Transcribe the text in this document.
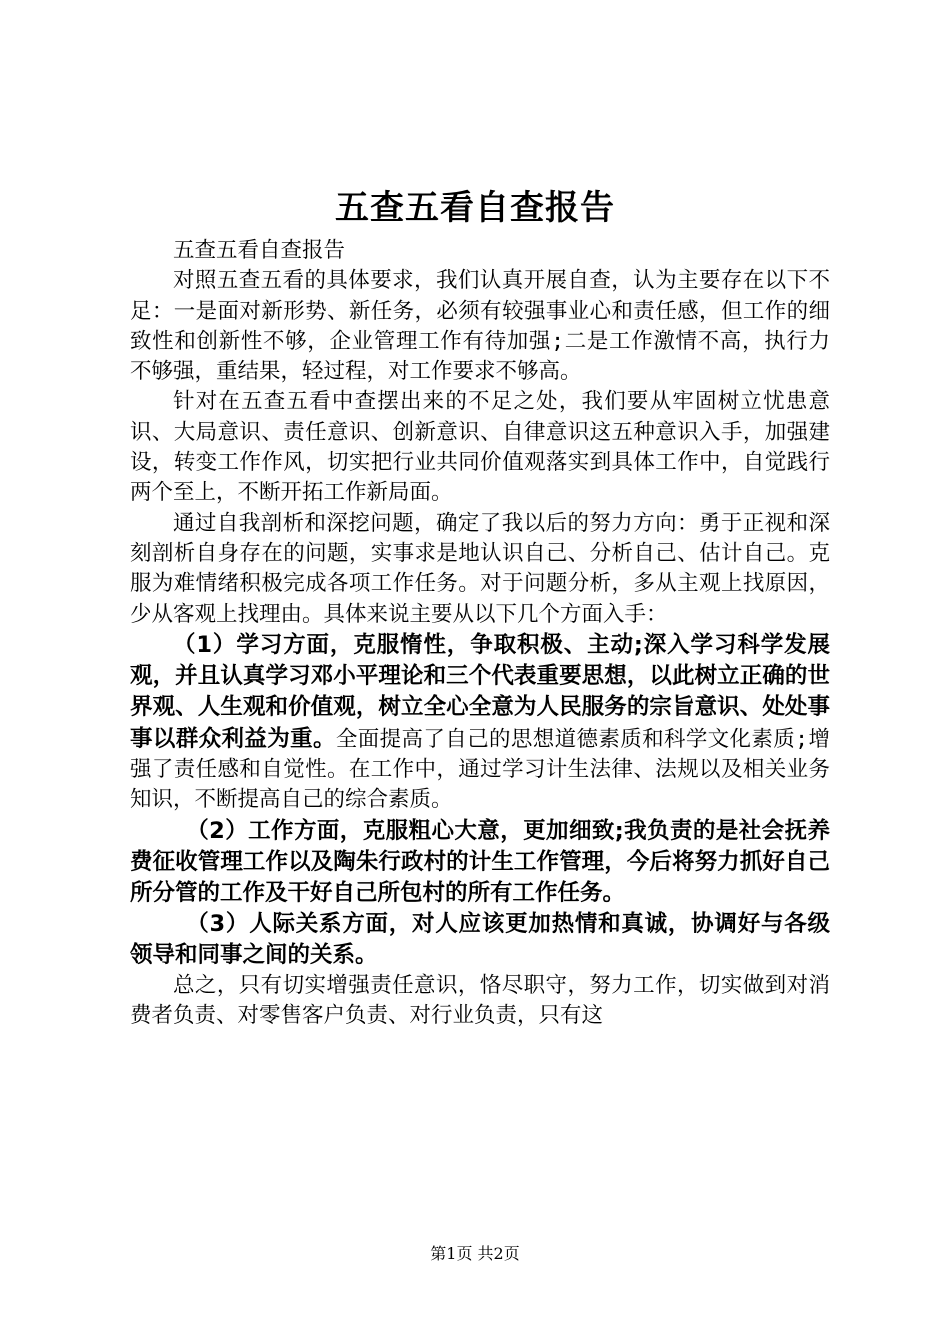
五查五看自查报告

五查五看自查报告

对照五查五看的具体要求，我们认真开展自查，认为主要存在以下不足：一是面对新形势、新任务，必须有较强事业心和责任感，但工作的细致性和创新性不够，企业管理工作有待加强;二是工作激情不高，执行力不够强，重结果，轻过程，对工作要求不够高。

针对在五查五看中查摆出来的不足之处，我们要从牢固树立忧患意识、大局意识、责任意识、创新意识、自律意识这五种意识入手，加强建设，转变工作作风，切实把行业共同价值观落实到具体工作中，自觉践行两个至上，不断开拓工作新局面。

通过自我剖析和深挖问题，确定了我以后的努力方向：勇于正视和深刻剖析自身存在的问题，实事求是地认识自己、分析自己、估计自己。克服为难情绪积极完成各项工作任务。对于问题分析，多从主观上找原因，少从客观上找理由。具体来说主要从以下几个方面入手：

（1）学习方面，克服惰性，争取积极、主动;深入学习科学发展观，并且认真学习邓小平理论和三个代表重要思想，以此树立正确的世界观、人生观和价值观，树立全心全意为人民服务的宗旨意识、处处事事以群众利益为重。全面提高了自己的思想道德素质和科学文化素质;增强了责任感和自觉性。在工作中，通过学习计生法律、法规以及相关业务知识，不断提高自己的综合素质。

（2）工作方面，克服粗心大意，更加细致;我负责的是社会抚养费征收管理工作以及陶朱行政村的计生工作管理，今后将努力抓好自己所分管的工作及干好自己所包村的所有工作任务。

（3）人际关系方面，对人应该更加热情和真诚，协调好与各级领导和同事之间的关系。

总之，只有切实增强责任意识，恪尽职守，努力工作，切实做到对消费者负责、对零售客户负责、对行业负责，只有这

第1页 共2页
